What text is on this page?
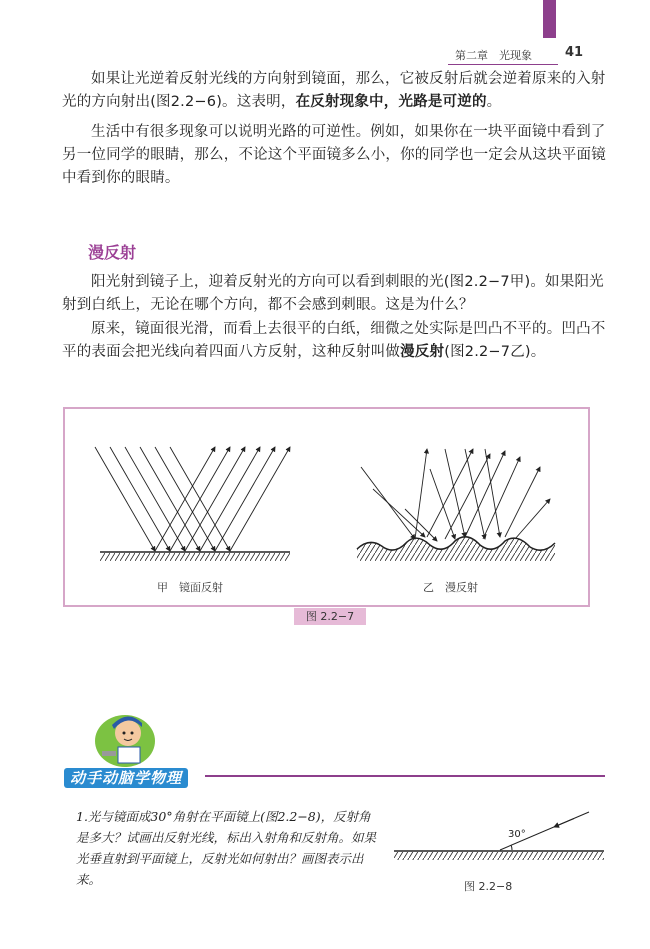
第二章　光现象	41
如果让光逆着反射光线的方向射到镜面，那么，它被反射后就会逆着原来的入射光的方向射出(图2.2−6)。这表明，在反射现象中，光路是可逆的。
生活中有很多现象可以说明光路的可逆性。例如，如果你在一块平面镜中看到了另一位同学的眼睛，那么，不论这个平面镜多么小，你的同学也一定会从这块平面镜中看到你的眼睛。
漫反射
阳光射到镜子上，迎着反射光的方向可以看到刺眼的光(图2.2−7甲)。如果阳光射到白纸上，无论在哪个方向，都不会感到刺眼。这是为什么？
原来，镜面很光滑，而看上去很平的白纸，细微之处实际是凹凸不平的。凹凸不平的表面会把光线向着四面八方反射，这种反射叫做漫反射(图2.2−7乙)。
甲　镜面反射	乙　漫反射
图 2.2−7
动手动脑学物理
1.光与镜面成30°角射在平面镜上(图2.2−8)，反射角是多大？试画出反射光线，标出入射角和反射角。如果光垂直射到平面镜上，反射光如何射出？画图表示出来。
30°
图 2.2−8
